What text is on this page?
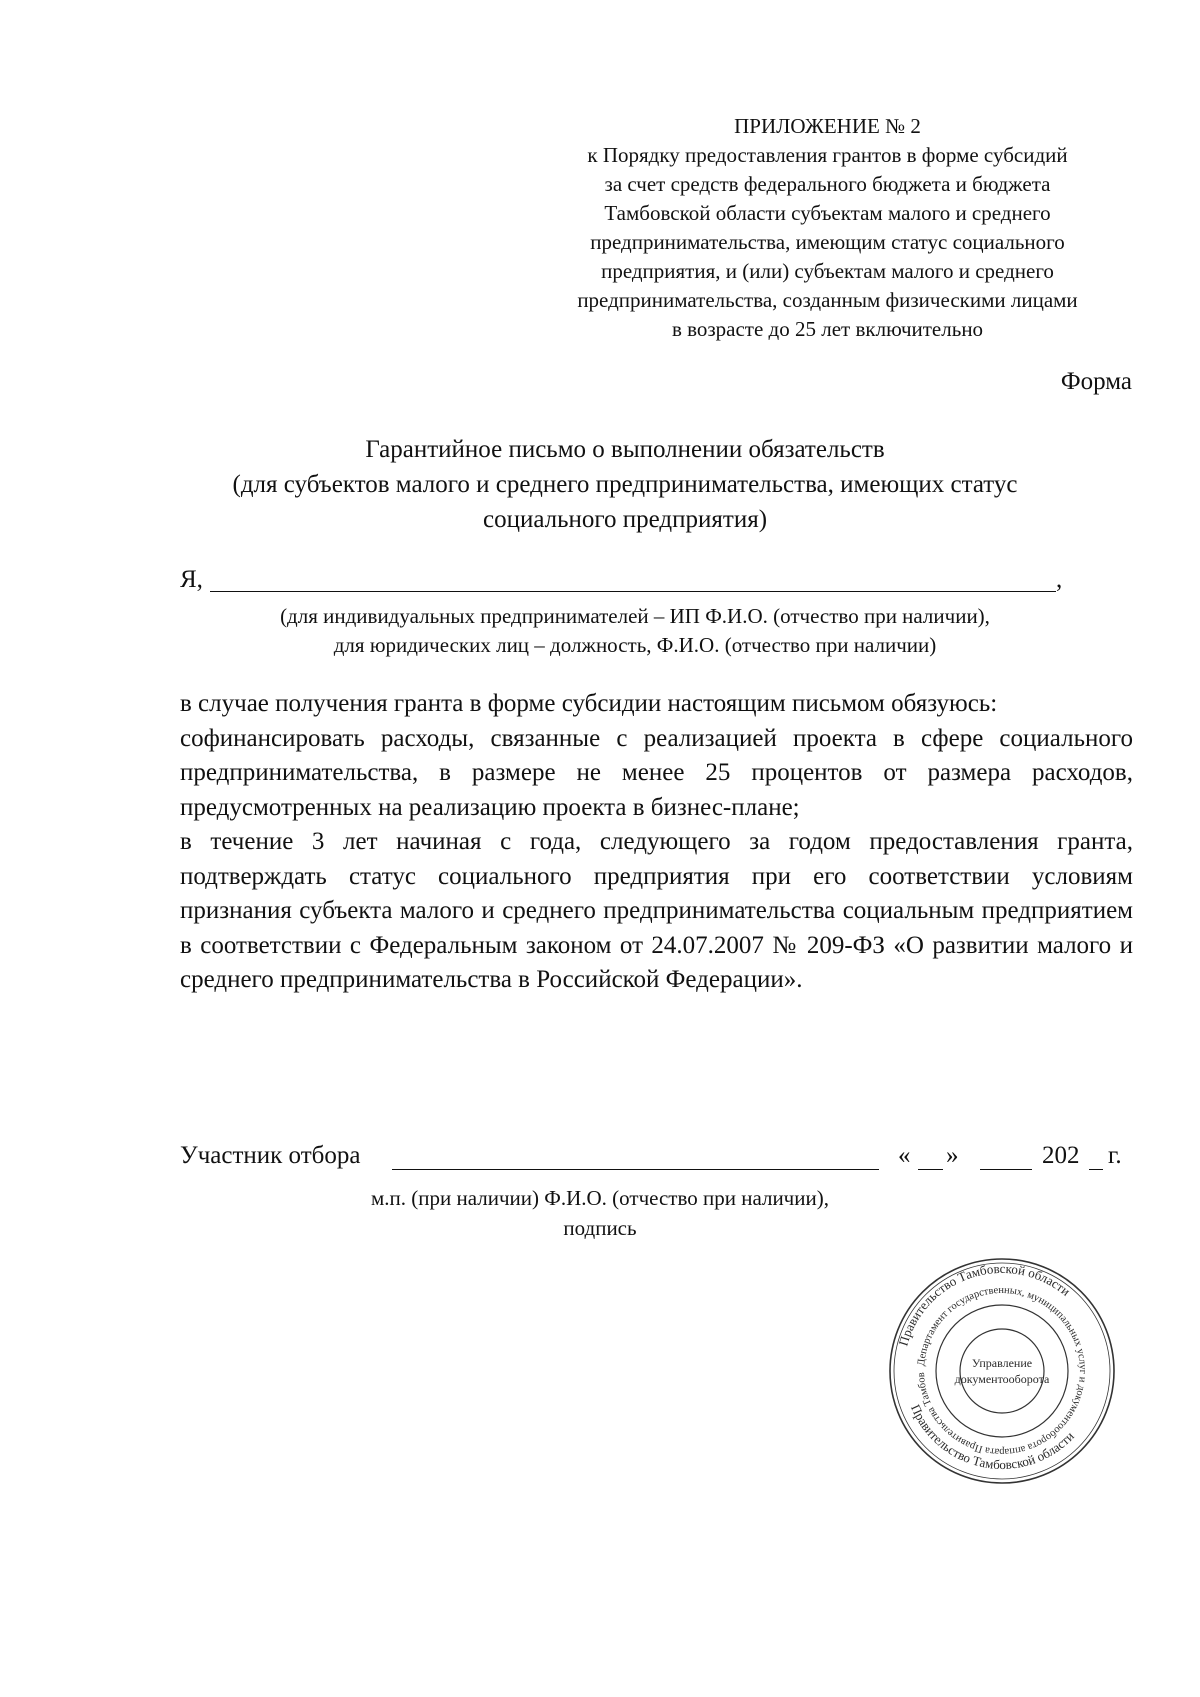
ПРИЛОЖЕНИЕ № 2
к Порядку предоставления грантов в форме субсидий
за счет средств федерального бюджета и бюджета
Тамбовской области субъектам малого и среднего
предпринимательства, имеющим статус социального
предприятия, и (или) субъектам малого и среднего
предпринимательства, созданным физическими лицами
в возрасте до 25 лет включительно
Форма
Гарантийное письмо о выполнении обязательств
(для субъектов малого и среднего предпринимательства, имеющих статус
социального предприятия)
Я,	,
(для индивидуальных предпринимателей – ИП Ф.И.О. (отчество при наличии),
для юридических лиц – должность, Ф.И.О. (отчество при наличии)
в случае получения гранта в форме субсидии настоящим письмом обязуюсь:
софинансировать расходы, связанные с реализацией проекта в сфере социального предпринимательства, в размере не менее 25 процентов от размера расходов, предусмотренных на реализацию проекта в бизнес-плане;
в течение 3 лет начиная с года, следующего за годом предоставления гранта, подтверждать статус социального предприятия при его соответствии условиям признания субъекта малого и среднего предпринимательства социальным предприятием в соответствии с Федеральным законом от 24.07.2007 № 209-ФЗ «О развитии малого и среднего предпринимательства в Российской Федерации».
Участник отбора	« »	202 г.
м.п. (при наличии) Ф.И.О. (отчество при наличии),
подпись
Правительство Тамбовской области
Правительство Тамбовской области
Департамент государственных, муниципальных услуг и документооборота аппарата Правительства Тамбов
Управление
документооборота
